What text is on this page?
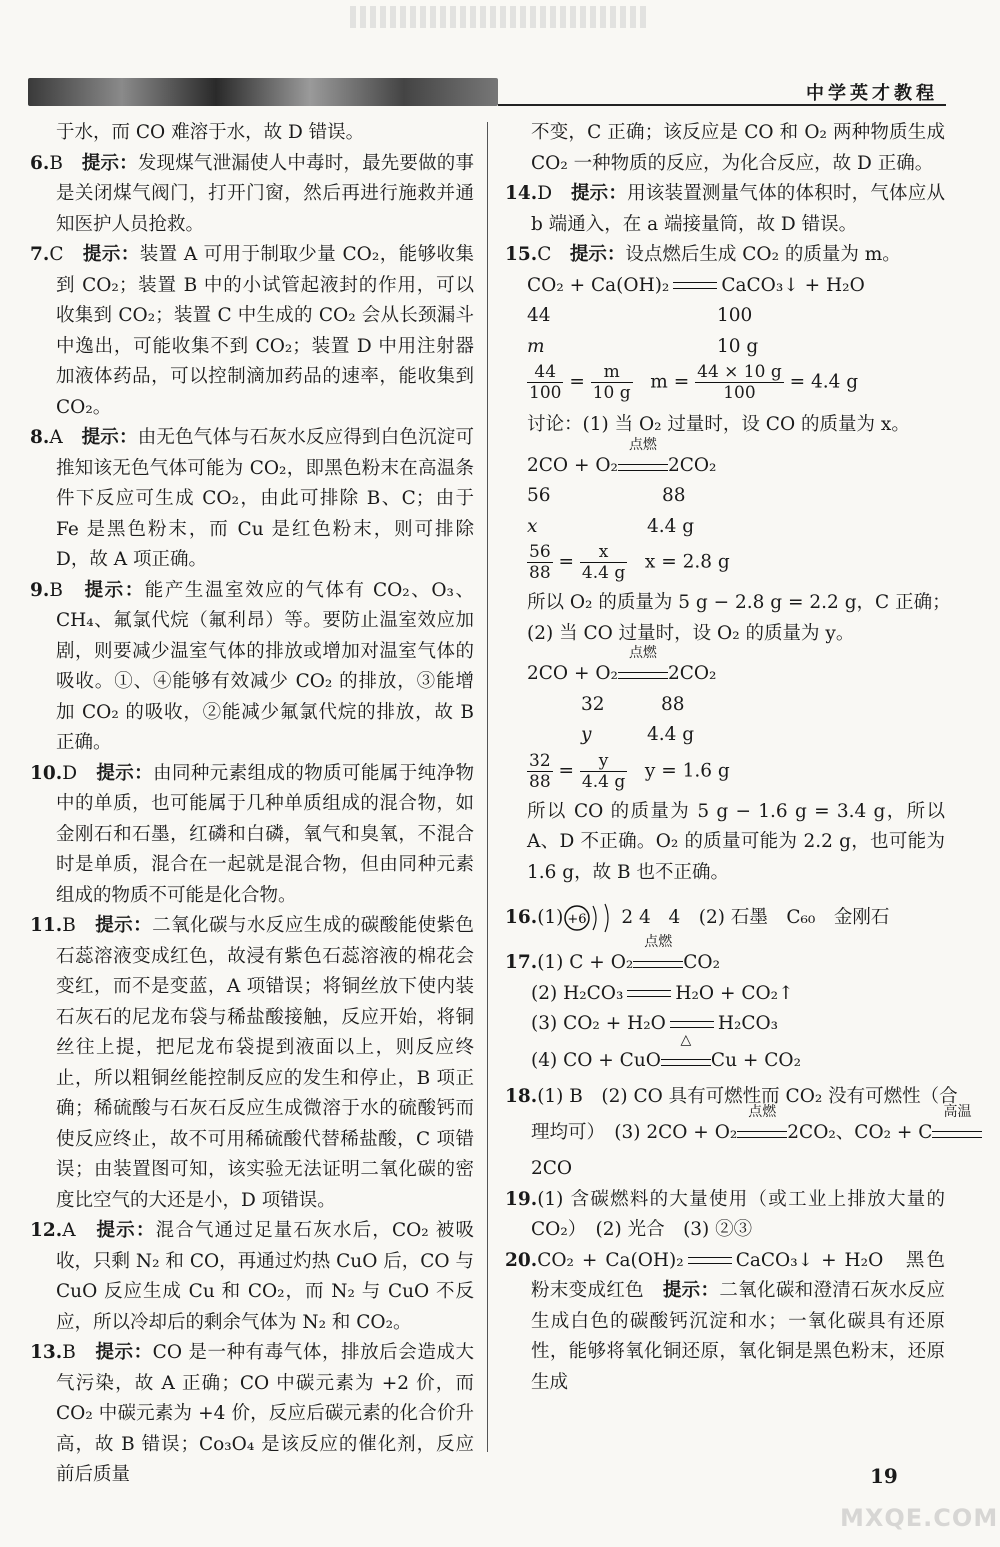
中学英才教程

于水，而 CO 难溶于水，故 D 错误。

6.B　 提示：发现煤气泄漏使人中毒时，最先要做的事是关闭煤气阀门，打开门窗，然后再进行施救并通知医护人员抢救。

7.C　 提示：装置 A 可用于制取少量 CO₂，能够收集到 CO₂；装置 B 中的小试管起液封的作用，可以收集到 CO₂；装置 C 中生成的 CO₂ 会从长颈漏斗中逸出，可能收集不到 CO₂；装置 D 中用注射器加液体药品，可以控制滴加药品的速率，能收集到 CO₂。

8.A　 提示：由无色气体与石灰水反应得到白色沉淀可推知该无色气体可能为 CO₂，即黑色粉末在高温条件下反应可生成 CO₂，由此可排除 B、C；由于 Fe 是黑色粉末，而 Cu 是红色粉末，则可排除 D，故 A 项正确。

9.B　 提示：能产生温室效应的气体有 CO₂、O₃、CH₄、氟氯代烷（氟利昂）等。要防止温室效应加剧，则要减少温室气体的排放或增加对温室气体的吸收。①、④能够有效减少 CO₂ 的排放，③能增加 CO₂ 的吸收，②能减少氟氯代烷的排放，故 B 正确。

10.D　 提示：由同种元素组成的物质可能属于纯净物中的单质，也可能属于几种单质组成的混合物，如金刚石和石墨，红磷和白磷，氧气和臭氧，不混合时是单质，混合在一起就是混合物，但由同种元素组成的物质不可能是化合物。

11.B　 提示：二氧化碳与水反应生成的碳酸能使紫色石蕊溶液变成红色，故浸有紫色石蕊溶液的棉花会变红，而不是变蓝，A 项错误；将铜丝放下使内装石灰石的尼龙布袋与稀盐酸接触，反应开始，将铜丝往上提，把尼龙布袋提到液面以上，则反应终止，所以粗铜丝能控制反应的发生和停止，B 项正确；稀硫酸与石灰石反应生成微溶于水的硫酸钙而使反应终止，故不可用稀硫酸代替稀盐酸，C 项错误；由装置图可知，该实验无法证明二氧化碳的密度比空气的大还是小，D 项错误。

12.A　 提示：混合气通过足量石灰水后，CO₂ 被吸收，只剩 N₂ 和 CO，再通过灼热 CuO 后，CO 与 CuO 反应生成 Cu 和 CO₂，而 N₂ 与 CuO 不反应，所以冷却后的剩余气体为 N₂ 和 CO₂。

13.B　 提示：CO 是一种有毒气体，排放后会造成大气污染，故 A 正确；CO 中碳元素为 +2 价，而 CO₂ 中碳元素为 +4 价，反应后碳元素的化合价升高，故 B 错误；Co₃O₄ 是该反应的催化剂，反应前后质量

不变，C 正确；该反应是 CO 和 O₂ 两种物质生成 CO₂ 一种物质的反应，为化合反应，故 D 正确。

14.D　 提示：用该装置测量气体的体积时，气体应从 b 端通入，在 a 端接量筒，故 D 错误。

15.C　 提示：设点燃后生成 CO₂ 的质量为 m。

CO₂ + Ca(OH)₂	CaCO₃↓ + H₂O
44	100
m	10 g
$\frac{44}{100} = \frac{m}{10 g}$ $m = \frac{44 \times 10 g}{100} = 4.4$ g
讨论：(1) 当 O₂ 过量时，设 CO 的质量为 x。
2CO + O₂
点燃
2CO₂
56	88
x	4.4 g
$\frac{56}{88} = \frac{x}{4.4 g}$ x = 2.8 g
所以 O₂ 的质量为 5 g − 2.8 g = 2.2 g，C 正确；
(2) 当 CO 过量时，设 O₂ 的质量为 y。
2CO + O₂
点燃
2CO₂
32	88
y	4.4 g
$\frac{32}{88} = \frac{y}{4.4 g}$ y = 1.6 g

所以 CO 的质量为 5 g − 1.6 g = 3.4 g，所以 A、D 不正确。O₂ 的质量可能为 2.2 g，也可能为 1.6 g，故 B 也不正确。

16.(1) +6 2 4 4　(2) 石墨　C₆₀　金刚石

17.(1) C + O₂
点燃
CO₂
(2) H₂CO₃	H₂O + CO₂↑
(3) CO₂ + H₂O	H₂CO₃
(4) CO + CuO
△
Cu + CO₂
18.(1) B　(2) CO 具有可燃性而 CO₂ 没有可燃性（合
理均可）　(3) 2CO + O₂
点燃
2CO₂、CO₂ + C
高温
2CO

19.(1) 含碳燃料的大量使用（或工业上排放大量的 CO₂）　(2) 光合　(3) ②③

20.CO₂ + Ca(OH)₂	CaCO₃↓ + H₂O　黑色粉末变成红色　 提示：二氧化碳和澄清石灰水反应生成白色的碳酸钙沉淀和水；一氧化碳具有还原性，能够将氧化铜还原，氧化铜是黑色粉末，还原生成

19
MXQE.COM
